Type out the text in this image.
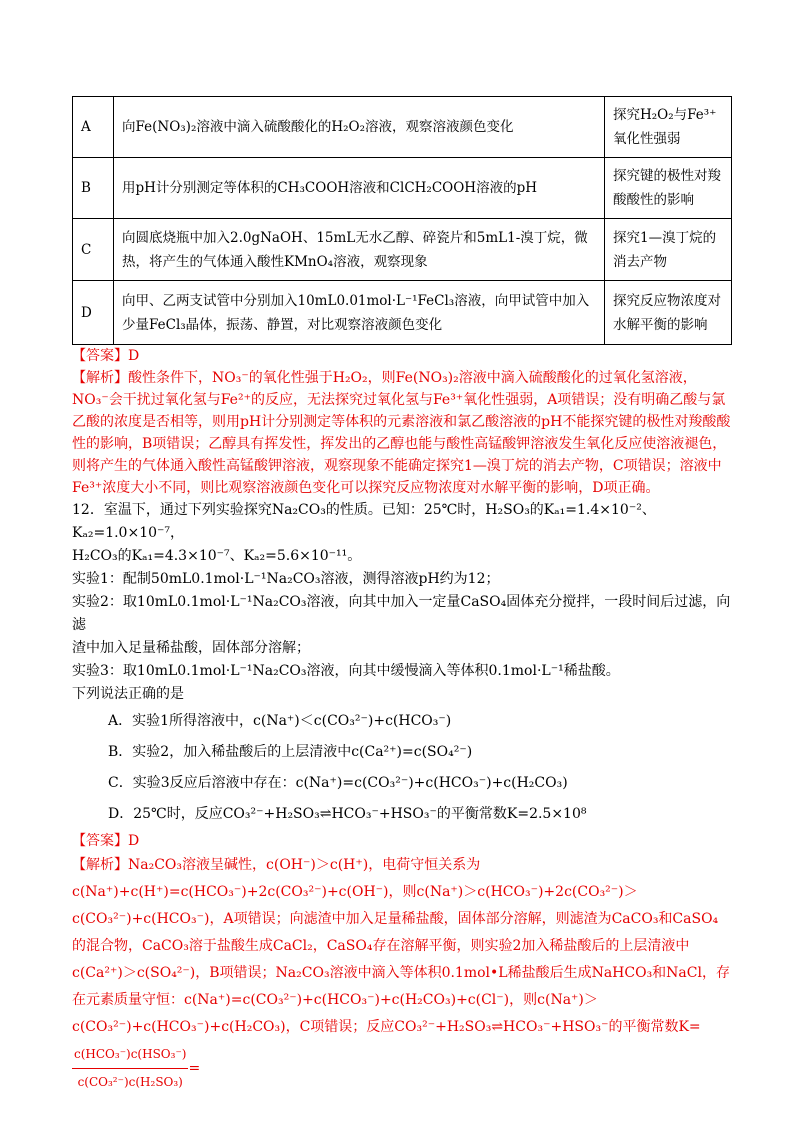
A	向Fe(NO₃)₂溶液中滴入硫酸酸化的H₂O₂溶液，观察溶液颜色变化	探究H₂O₂与Fe³⁺氧化性强弱
B	用pH计分别测定等体积的CH₃COOH溶液和ClCH₂COOH溶液的pH	探究键的极性对羧酸酸性的影响
C	向圆底烧瓶中加入2.0gNaOH、15mL无水乙醇、碎瓷片和5mL1-溴丁烷，微热，将产生的气体通入酸性KMnO₄溶液，观察现象	探究1—溴丁烷的消去产物
D	向甲、乙两支试管中分别加入10mL0.01mol·L⁻¹FeCl₃溶液，向甲试管中加入少量FeCl₃晶体，振荡、静置，对比观察溶液颜色变化	探究反应物浓度对水解平衡的影响
【答案】D
【解析】酸性条件下，NO₃⁻的氧化性强于H₂O₂，则Fe(NO₃)₂溶液中滴入硫酸酸化的过氧化氢溶液，NO₃⁻会干扰过氧化氢与Fe²⁺的反应，无法探究过氧化氢与Fe³⁺氧化性强弱，A项错误；没有明确乙酸与氯乙酸的浓度是否相等，则用pH计分别测定等体积的元素溶液和氯乙酸溶液的pH不能探究键的极性对羧酸酸性的影响，B项错误；乙醇具有挥发性，挥发出的乙醇也能与酸性高锰酸钾溶液发生氧化反应使溶液褪色，则将产生的气体通入酸性高锰酸钾溶液，观察现象不能确定探究1—溴丁烷的消去产物，C项错误；溶液中Fe³⁺浓度大小不同，则比观察溶液颜色变化可以探究反应物浓度对水解平衡的影响，D项正确。
12．室温下，通过下列实验探究Na₂CO₃的性质。已知：25℃时，H₂SO₃的Kₐ₁=1.4×10⁻²、Kₐ₂=1.0×10⁻⁷，
H₂CO₃的Kₐ₁=4.3×10⁻⁷、Kₐ₂=5.6×10⁻¹¹。
实验1：配制50mL0.1mol·L⁻¹Na₂CO₃溶液，测得溶液pH约为12；
实验2：取10mL0.1mol·L⁻¹Na₂CO₃溶液，向其中加入一定量CaSO₄固体充分搅拌，一段时间后过滤，向滤
渣中加入足量稀盐酸，固体部分溶解；
实验3：取10mL0.1mol·L⁻¹Na₂CO₃溶液，向其中缓慢滴入等体积0.1mol·L⁻¹稀盐酸。
下列说法正确的是
A．实验1所得溶液中，c(Na⁺)＜c(CO₃²⁻)+c(HCO₃⁻)
B．实验2，加入稀盐酸后的上层清液中c(Ca²⁺)=c(SO₄²⁻)
C．实验3反应后溶液中存在：c(Na⁺)=c(CO₃²⁻)+c(HCO₃⁻)+c(H₂CO₃)
D．25℃时，反应CO₃²⁻+H₂SO₃⇌HCO₃⁻+HSO₃⁻的平衡常数K=2.5×10⁸
【答案】D
【解析】Na₂CO₃溶液呈碱性，c(OH⁻)＞c(H⁺)，电荷守恒关系为c(Na⁺)+c(H⁺)=c(HCO₃⁻)+2c(CO₃²⁻)+c(OH⁻)，则c(Na⁺)＞c(HCO₃⁻)+2c(CO₃²⁻)＞c(CO₃²⁻)+c(HCO₃⁻)，A项错误；向滤渣中加入足量稀盐酸，固体部分溶解，则滤渣为CaCO₃和CaSO₄的混合物，CaCO₃溶于盐酸生成CaCl₂，CaSO₄存在溶解平衡，则实验2加入稀盐酸后的上层清液中c(Ca²⁺)＞c(SO₄²⁻)，B项错误；Na₂CO₃溶液中滴入等体积0.1mol•L稀盐酸后生成NaHCO₃和NaCl，存在元素质量守恒：c(Na⁺)=c(CO₃²⁻)+c(HCO₃⁻)+c(H₂CO₃)+c(Cl⁻)，则c(Na⁺)＞c(CO₃²⁻)+c(HCO₃⁻)+c(H₂CO₃)，C项错误；反应CO₃²⁻+H₂SO₃⇌HCO₃⁻+HSO₃⁻的平衡常数K=
$\frac{\text{c(HCO₃⁻)c(HSO₃⁻)}}{\text{c(CO₃²⁻)c(H₂SO₃)}}$ =
